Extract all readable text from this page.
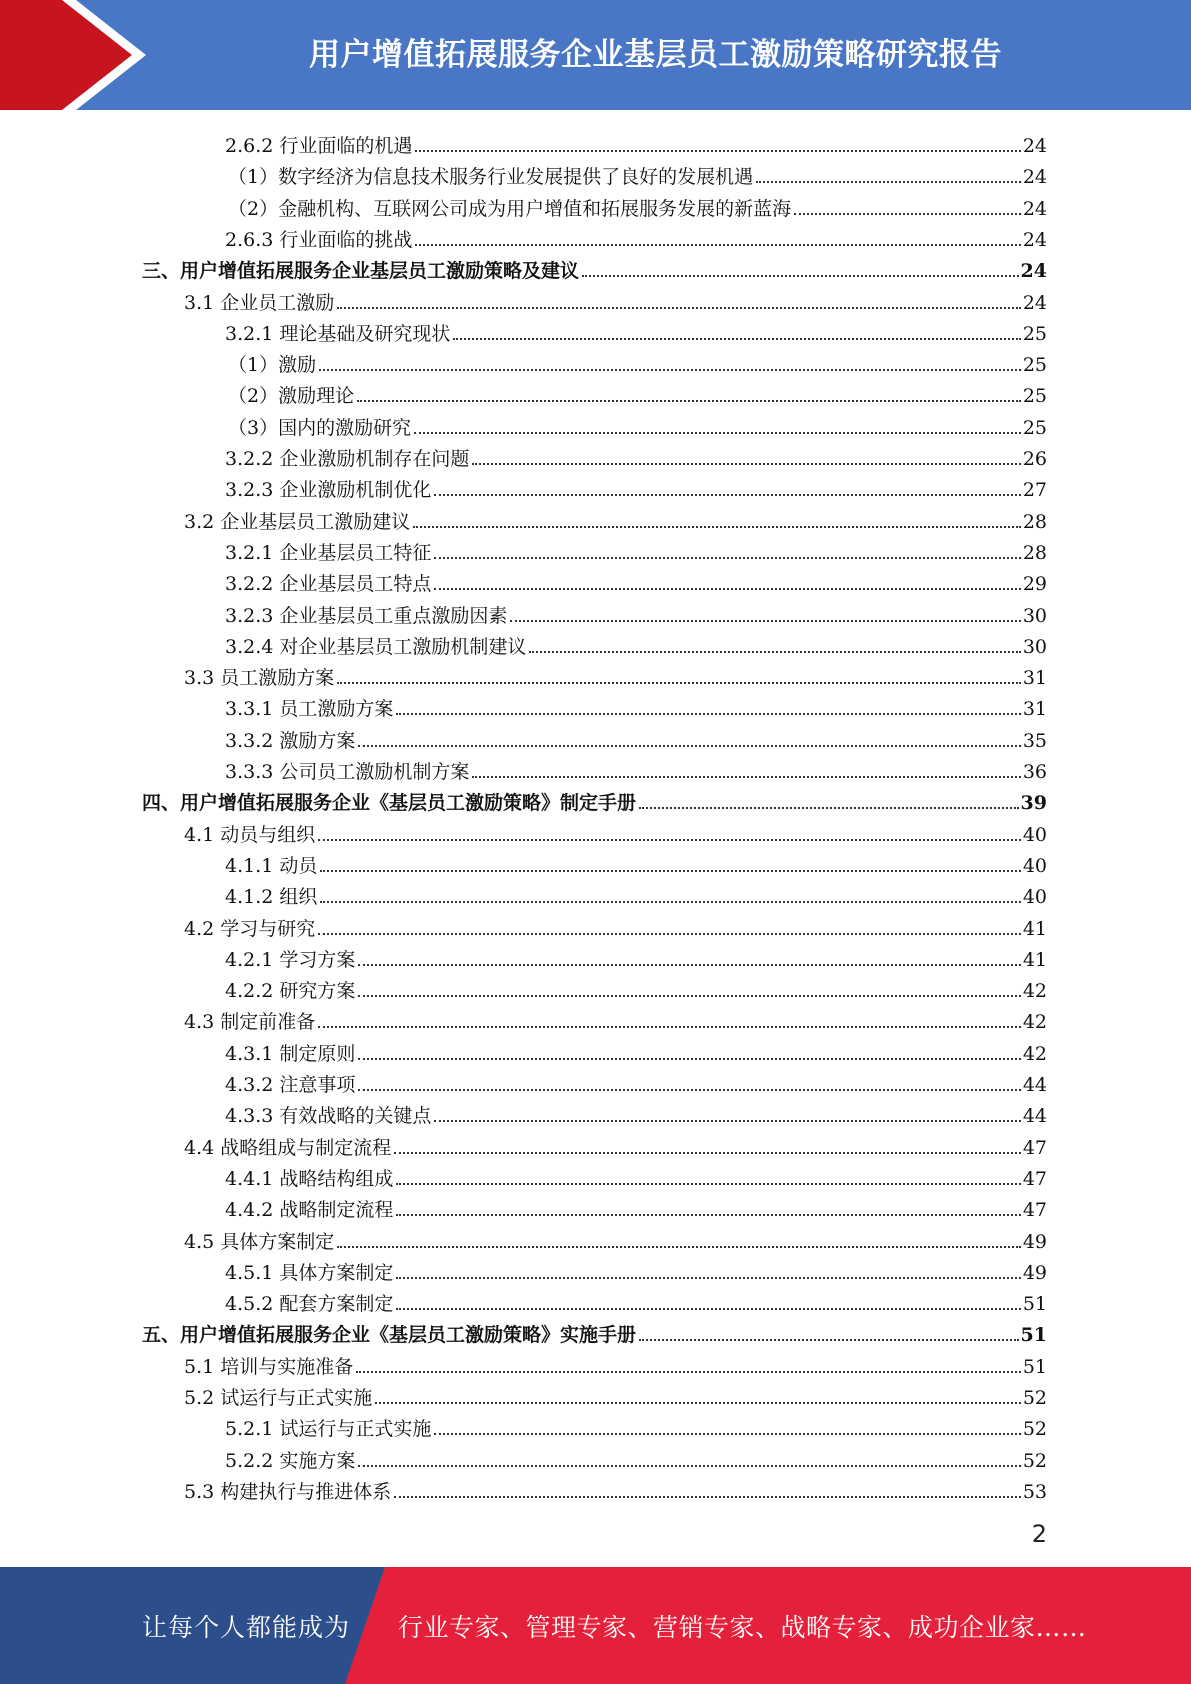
用户增值拓展服务企业基层员工激励策略研究报告
2.6.2 行业面临的机遇	24
（1）数字经济为信息技术服务行业发展提供了良好的发展机遇	24
（2）金融机构、互联网公司成为用户增值和拓展服务发展的新蓝海	24
2.6.3 行业面临的挑战	24
三、用户增值拓展服务企业基层员工激励策略及建议	24
3.1 企业员工激励	24
3.2.1 理论基础及研究现状	25
（1）激励	25
（2）激励理论	25
（3）国内的激励研究	25
3.2.2 企业激励机制存在问题	26
3.2.3 企业激励机制优化	27
3.2 企业基层员工激励建议	28
3.2.1 企业基层员工特征	28
3.2.2 企业基层员工特点	29
3.2.3 企业基层员工重点激励因素	30
3.2.4 对企业基层员工激励机制建议	30
3.3 员工激励方案	31
3.3.1 员工激励方案	31
3.3.2 激励方案	35
3.3.3 公司员工激励机制方案	36
四、用户增值拓展服务企业《基层员工激励策略》制定手册	39
4.1 动员与组织	40
4.1.1 动员	40
4.1.2 组织	40
4.2 学习与研究	41
4.2.1 学习方案	41
4.2.2 研究方案	42
4.3 制定前准备	42
4.3.1 制定原则	42
4.3.2 注意事项	44
4.3.3 有效战略的关键点	44
4.4 战略组成与制定流程	47
4.4.1 战略结构组成	47
4.4.2 战略制定流程	47
4.5 具体方案制定	49
4.5.1 具体方案制定	49
4.5.2 配套方案制定	51
五、用户增值拓展服务企业《基层员工激励策略》实施手册	51
5.1 培训与实施准备	51
5.2 试运行与正式实施	52
5.2.1 试运行与正式实施	52
5.2.2 实施方案	52
5.3 构建执行与推进体系	53
2
让每个人都能成为 行业专家、管理专家、营销专家、战略专家、成功企业家……
